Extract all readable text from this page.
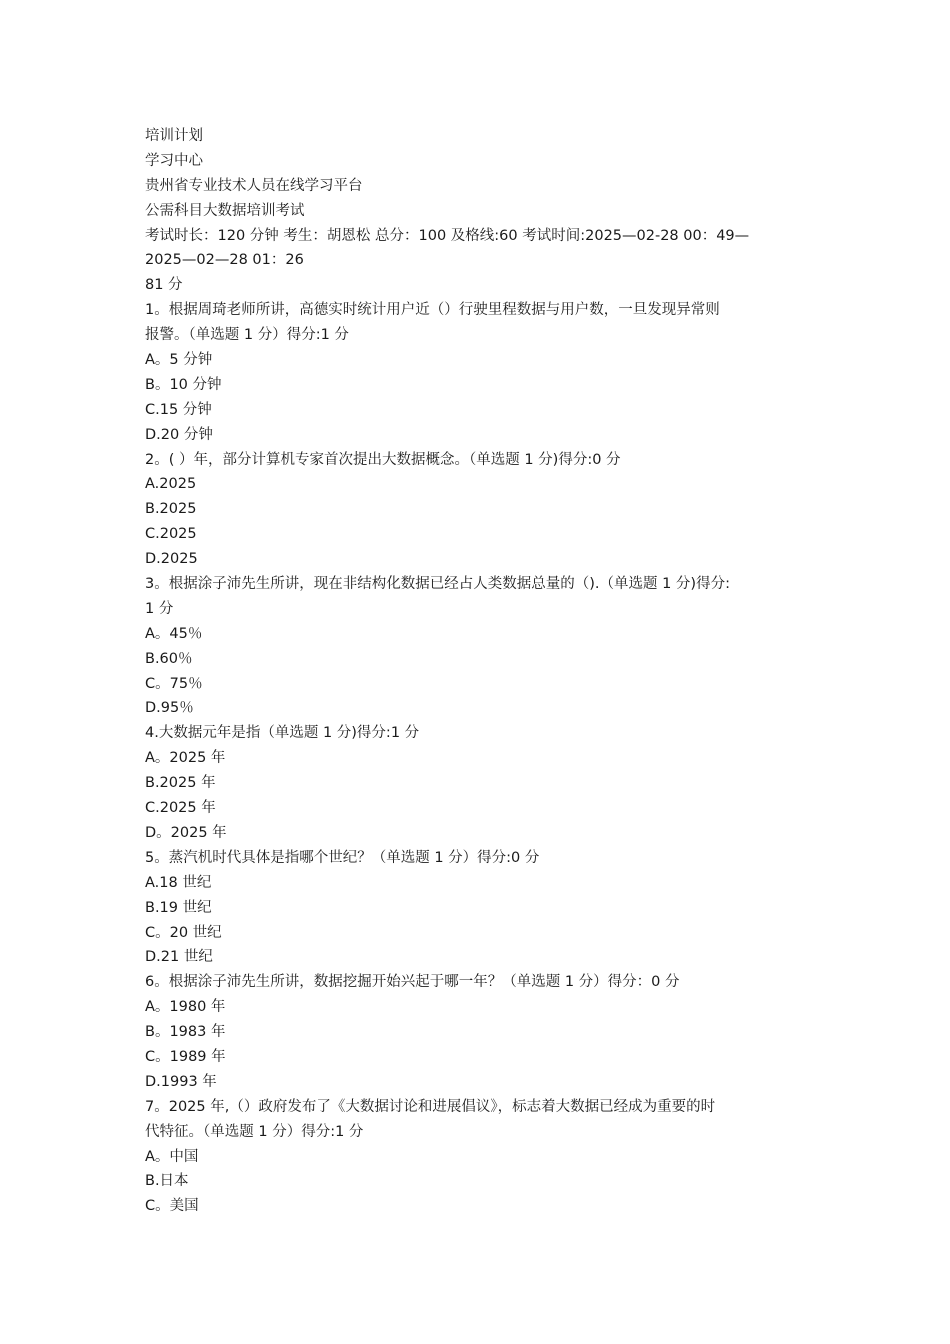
培训计划
学习中心
贵州省专业技术人员在线学习平台
公需科目大数据培训考试
考试时长：120 分钟 考生：胡恩松 总分：100 及格线:60 考试时间:2025—02-28 00：49—
2025—02—28 01：26
81 分
1。根据周琦老师所讲，高德实时统计用户近（）行驶里程数据与用户数，一旦发现异常则
报警。（单选题 1 分）得分:1 分
A。5 分钟
B。10 分钟
C.15 分钟
D.20 分钟
2。( ）年，部分计算机专家首次提出大数据概念。（单选题 1 分)得分:0 分
A.2025
B.2025
C.2025
D.2025
3。根据涂子沛先生所讲，现在非结构化数据已经占人类数据总量的（).（单选题 1 分)得分:
1 分
A。45％
B.60％
C。75％
D.95％
4.大数据元年是指（单选题 1 分)得分:1 分
A。2025 年
B.2025 年
C.2025 年
D。2025 年
5。蒸汽机时代具体是指哪个世纪？（单选题 1 分）得分:0 分
A.18 世纪
B.19 世纪
C。20 世纪
D.21 世纪
6。根据涂子沛先生所讲，数据挖掘开始兴起于哪一年？（单选题 1 分）得分：0 分
A。1980 年
B。1983 年
C。1989 年
D.1993 年
7。2025 年,（）政府发布了《大数据讨论和进展倡议》，标志着大数据已经成为重要的时
代特征。（单选题 1 分）得分:1 分
A。中国
B.日本
C。美国
